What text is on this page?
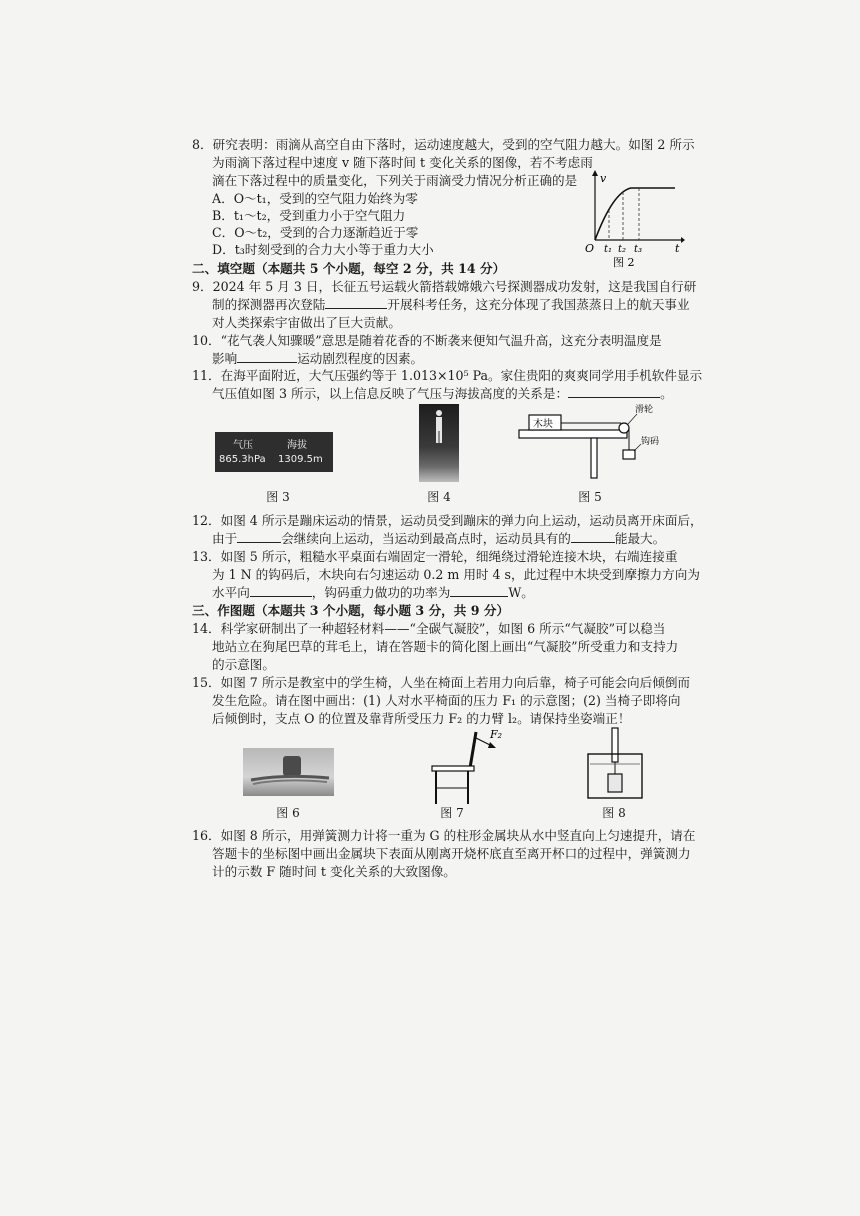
8．研究表明：雨滴从高空自由下落时，运动速度越大，受到的空气阻力越大。如图 2 所示
为雨滴下落过程中速度 v 随下落时间 t 变化关系的图像，若不考虑雨
滴在下落过程中的质量变化，下列关于雨滴受力情况分析正确的是
A．O～t₁，受到的空气阻力始终为零
B．t₁～t₂，受到重力小于空气阻力
C．O～t₂，受到的合力逐渐趋近于零
D．t₃时刻受到的合力大小等于重力大小
v
t
O t₁ t₂ t₃
图 2
二、填空题（本题共 5 个小题，每空 2 分，共 14 分）
9．2024 年 5 月 3 日，长征五号运载火箭搭载嫦娥六号探测器成功发射，这是我国自行研
制的探测器再次登陆	开展科考任务，这充分体现了我国蒸蒸日上的航天事业
对人类探索宇宙做出了巨大贡献。
10．“花气袭人知骤暖”意思是随着花香的不断袭来便知气温升高，这充分表明温度是
影响	运动剧烈程度的因素。
11．在海平面附近，大气压强约等于 1.013×10⁵ Pa。家住贵阳的爽爽同学用手机软件显示
气压值如图 3 所示，以上信息反映了气压与海拔高度的关系是：	。
气压	海拔
865.3hPa 1309.5m
图 3	图 4
木块
滑轮
钩码
图 5
12．如图 4 所示是蹦床运动的情景，运动员受到蹦床的弹力向上运动，运动员离开床面后，
由于	会继续向上运动，当运动到最高点时，运动员具有的	能最大。
13．如图 5 所示，粗糙水平桌面右端固定一滑轮，细绳绕过滑轮连接木块，右端连接重
为 1 N 的钩码后，木块向右匀速运动 0.2 m 用时 4 s，此过程中木块受到摩擦力方向为
水平向	，钩码重力做功的功率为	W。
三、作图题（本题共 3 个小题，每小题 3 分，共 9 分）
14．科学家研制出了一种超轻材料——“全碳气凝胶”，如图 6 所示“气凝胶”可以稳当
地站立在狗尾巴草的茸毛上，请在答题卡的简化图上画出“气凝胶”所受重力和支持力
的示意图。
15．如图 7 所示是教室中的学生椅，人坐在椅面上若用力向后靠，椅子可能会向后倾倒而
发生危险。请在图中画出：(1) 人对水平椅面的压力 F₁ 的示意图；(2) 当椅子即将向
后倾倒时，支点 O 的位置及靠背所受压力 F₂ 的力臂 l₂。请保持坐姿端正！
图 6
F₂
图 7	图 8
16．如图 8 所示，用弹簧测力计将一重为 G 的柱形金属块从水中竖直向上匀速提升，请在
答题卡的坐标图中画出金属块下表面从刚离开烧杯底直至离开杯口的过程中，弹簧测力
计的示数 F 随时间 t 变化关系的大致图像。
